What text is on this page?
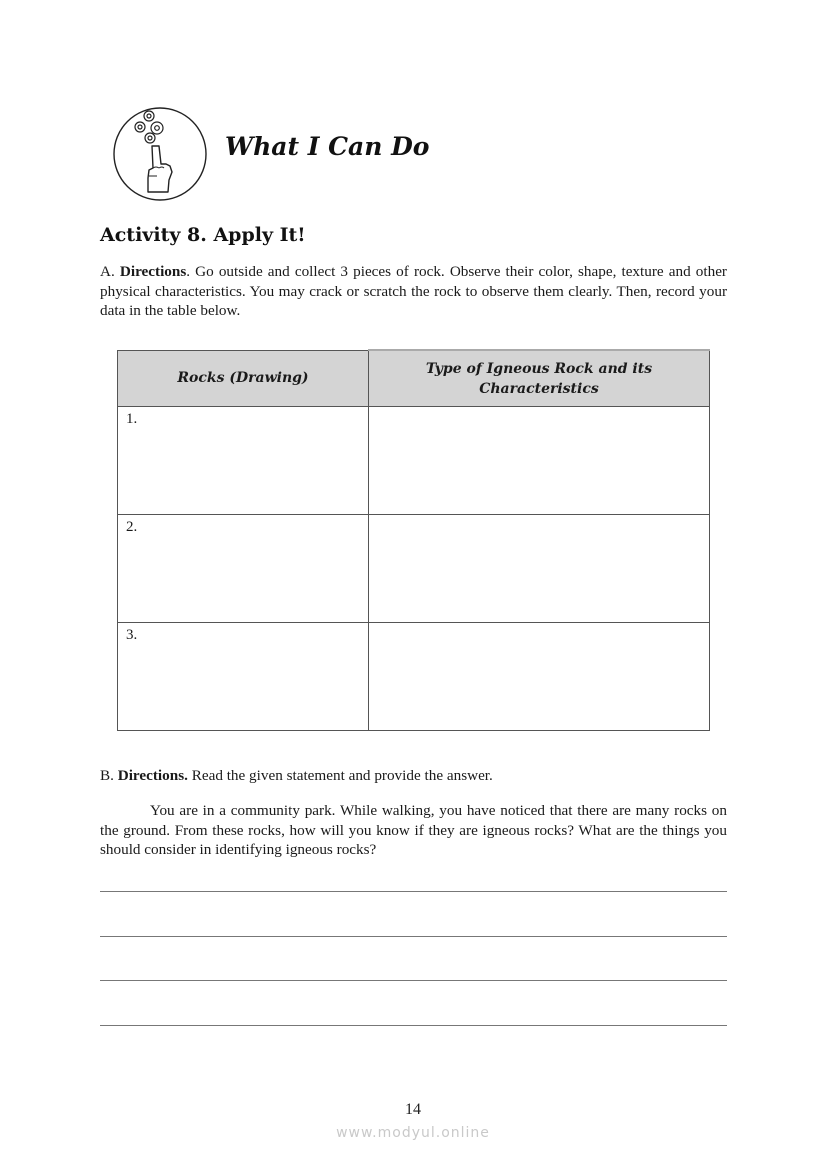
What I Can Do
Activity 8. Apply It!

A. Directions. Go outside and collect 3 pieces of rock. Observe their color, shape, texture and other physical characteristics. You may crack or scratch the rock to observe them clearly. Then, record your data in the table below.

Rocks (Drawing)	Type of Igneous Rock and its Characteristics

1.	

2.	

3.	

B. Directions. Read the given statement and provide the answer.

You are in a community park. While walking, you have noticed that there are many rocks on the ground. From these rocks, how will you know if they are igneous rocks? What are the things you should consider in identifying igneous rocks?

14

www.modyul.online
